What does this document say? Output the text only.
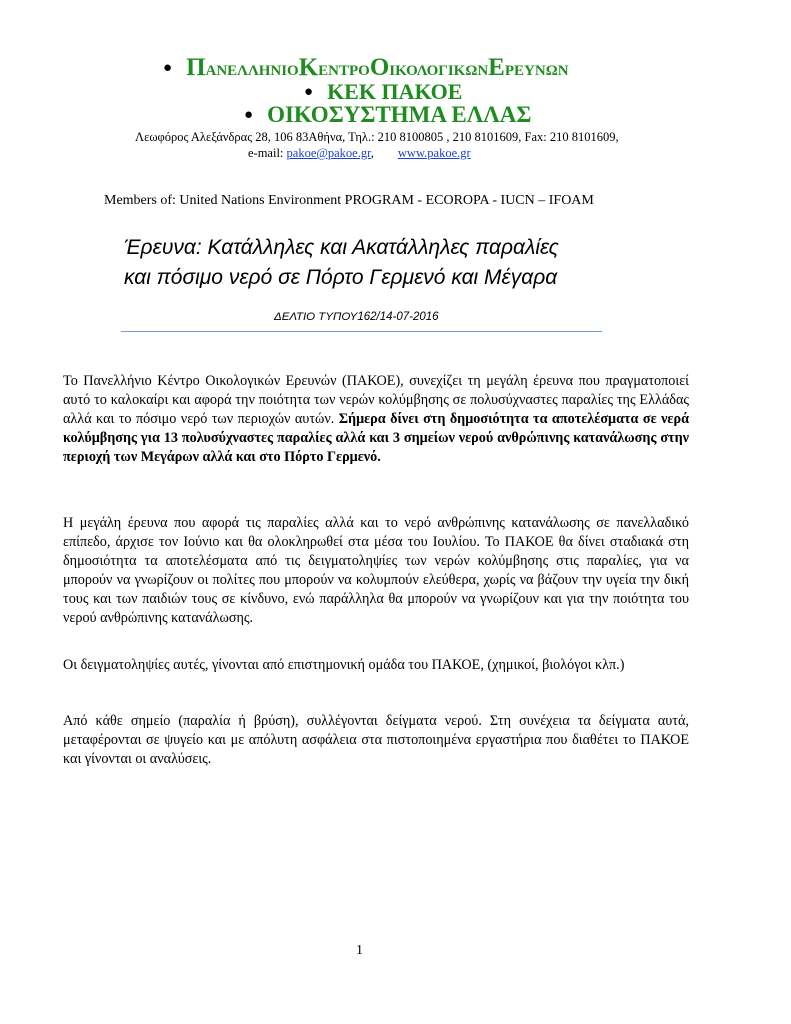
● ΠΑΝΕΛΛΗΝΙΟΚΕΝΤΡΟΟΙΚΟΛΟΓΙΚΩΝΕΡΕΥΝΩΝ
● ΚΕΚ ΠΑΚΟΕ
● ΟΙΚΟΣΥΣΤΗΜΑ ΕΛΛΑΣ
Λεωφόρος Αλεξάνδρας 28, 106 83Αθήνα, Τηλ.: 210 8100805 , 210 8101609, Fax: 210 8101609,
e-mail: pakoe@pakoe.gr, www.pakoe.gr
Members of: United Nations Environment PROGRAM - ECOROPA - IUCN – IFOAM
Έρευνα: Κατάλληλες και Ακατάλληλες παραλίες
και πόσιμο νερό σε Πόρτο Γερμενό και Μέγαρα
ΔΕΛΤΙΟ ΤΥΠΟΥ162/14-07-2016
Το Πανελλήνιο Κέντρο Οικολογικών Ερευνών (ΠΑΚΟΕ), συνεχίζει τη μεγάλη έρευνα που πραγματοποιεί αυτό το καλοκαίρι και αφορά την ποιότητα των νερών κολύμβησης σε πολυσύχναστες παραλίες της Ελλάδας αλλά και το πόσιμο νερό των περιοχών αυτών. Σήμερα δίνει στη δημοσιότητα τα αποτελέσματα σε νερά κολύμβησης για 13 πολυσύχναστες παραλίες αλλά και 3 σημείων νερού ανθρώπινης κατανάλωσης στην περιοχή των Μεγάρων αλλά και στο Πόρτο Γερμενό.
Η μεγάλη έρευνα που αφορά τις παραλίες αλλά και το νερό ανθρώπινης κατανάλωσης σε πανελλαδικό επίπεδο, άρχισε τον Ιούνιο και θα ολοκληρωθεί στα μέσα του Ιουλίου. Το ΠΑΚΟΕ θα δίνει σταδιακά στη δημοσιότητα τα αποτελέσματα από τις δειγματοληψίες των νερών κολύμβησης στις παραλίες, για να μπορούν να γνωρίζουν οι πολίτες που μπορούν να κολυμπούν ελεύθερα, χωρίς να βάζουν την υγεία την δική τους και των παιδιών τους σε κίνδυνο, ενώ παράλληλα θα μπορούν να γνωρίζουν και για την ποιότητα του νερού ανθρώπινης κατανάλωσης.
Οι δειγματοληψίες αυτές, γίνονται από επιστημονική ομάδα του ΠΑΚΟΕ, (χημικοί, βιολόγοι κλπ.)
Από κάθε σημείο (παραλία ή βρύση), συλλέγονται δείγματα νερού. Στη συνέχεια τα δείγματα αυτά, μεταφέρονται σε ψυγείο και με απόλυτη ασφάλεια στα πιστοποιημένα εργαστήρια που διαθέτει το ΠΑΚΟΕ και γίνονται οι αναλύσεις.
1
